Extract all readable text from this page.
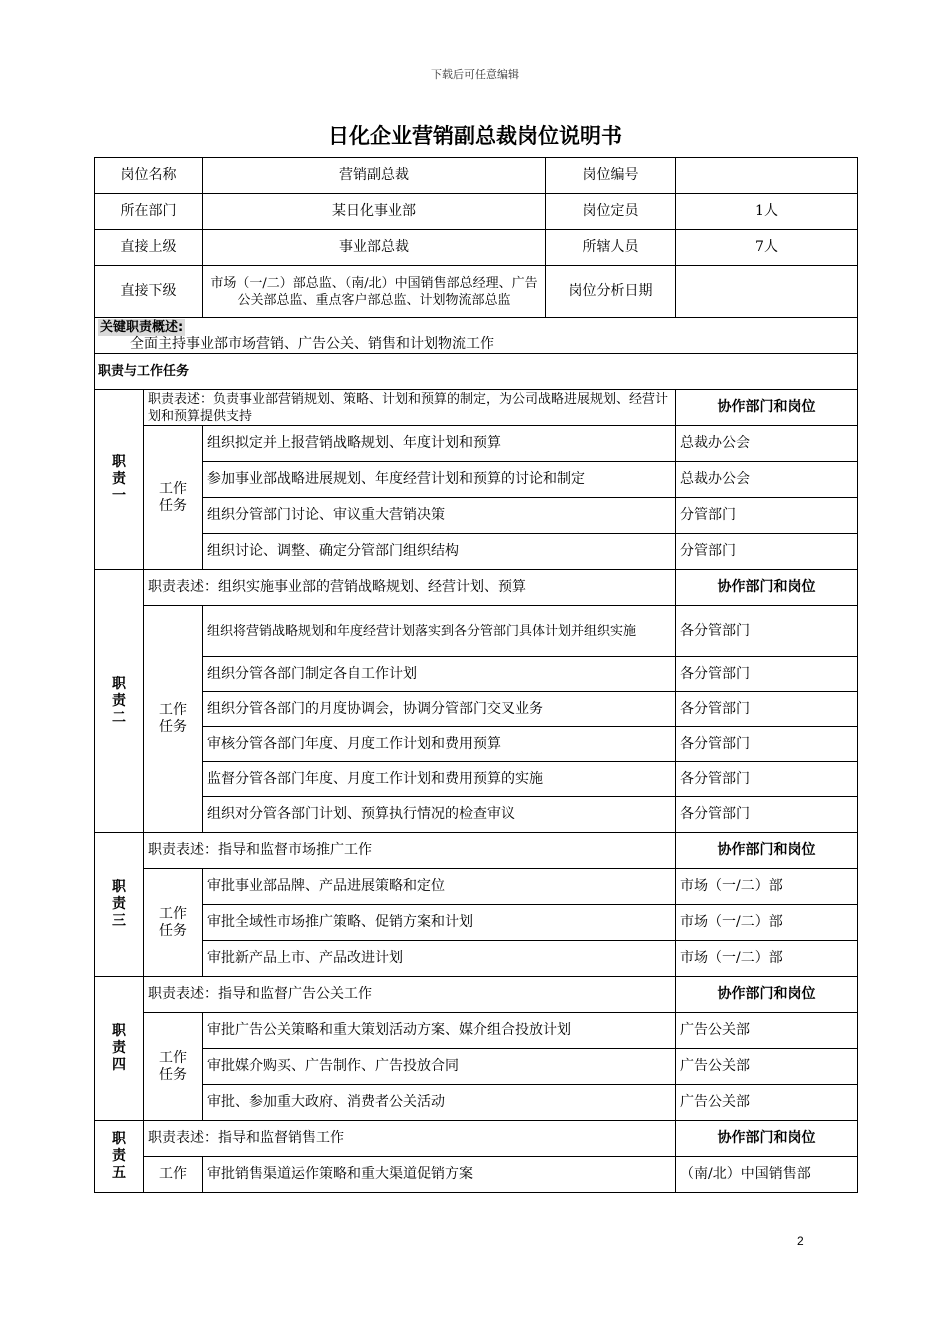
下载后可任意编辑
日化企业营销副总裁岗位说明书
岗位名称		营销副总裁	岗位编号	
所在部门		某日化事业部	岗位定员	1人
直接上级		事业部总裁	所辖人员	7人
直接下级		市场（一/二）部总监、（南/北）中国销售部总经理、广告公关部总监、重点客户部总监、计划物流部总监	岗位分析日期	

关键职责概述:
全面主持事业部市场营销、广告公关、销售和计划物流工作				

职责与工作任务				

职
责
一	职责表述：负责事业部营销规划、策略、计划和预算的制定，为公司战略进展规划、经营计划和预算提供支持			协作部门和岗位
	工作
任务	组织拟定并上报营销战略规划、年度计划和预算		总裁办公会
		参加事业部战略进展规划、年度经营计划和预算的讨论和制定		总裁办公会
		组织分管部门讨论、审议重大营销决策		分管部门
		组织讨论、调整、确定分管部门组织结构		分管部门

职
责
二	职责表述：组织实施事业部的营销战略规划、经营计划、预算			协作部门和岗位
	工作
任务	组织将营销战略规划和年度经营计划落实到各分管部门具体计划并组织实施		各分管部门
		组织分管各部门制定各自工作计划		各分管部门
		组织分管各部门的月度协调会，协调分管部门交叉业务		各分管部门
		审核分管各部门年度、月度工作计划和费用预算		各分管部门
		监督分管各部门年度、月度工作计划和费用预算的实施		各分管部门
		组织对分管各部门计划、预算执行情况的检查审议		各分管部门

职
责
三	职责表述：指导和监督市场推广工作			协作部门和岗位
	工作
任务	审批事业部品牌、产品进展策略和定位		市场（一/二）部
		审批全域性市场推广策略、促销方案和计划		市场（一/二）部
		审批新产品上市、产品改进计划		市场（一/二）部

职
责
四	职责表述：指导和监督广告公关工作			协作部门和岗位
	工作
任务	审批广告公关策略和重大策划活动方案、媒介组合投放计划		广告公关部
		审批媒介购买、广告制作、广告投放合同		广告公关部
		审批、参加重大政府、消费者公关活动		广告公关部

职
责
五	职责表述：指导和监督销售工作			协作部门和岗位
	工作	审批销售渠道运作策略和重大渠道促销方案		（南/北）中国销售部
2
